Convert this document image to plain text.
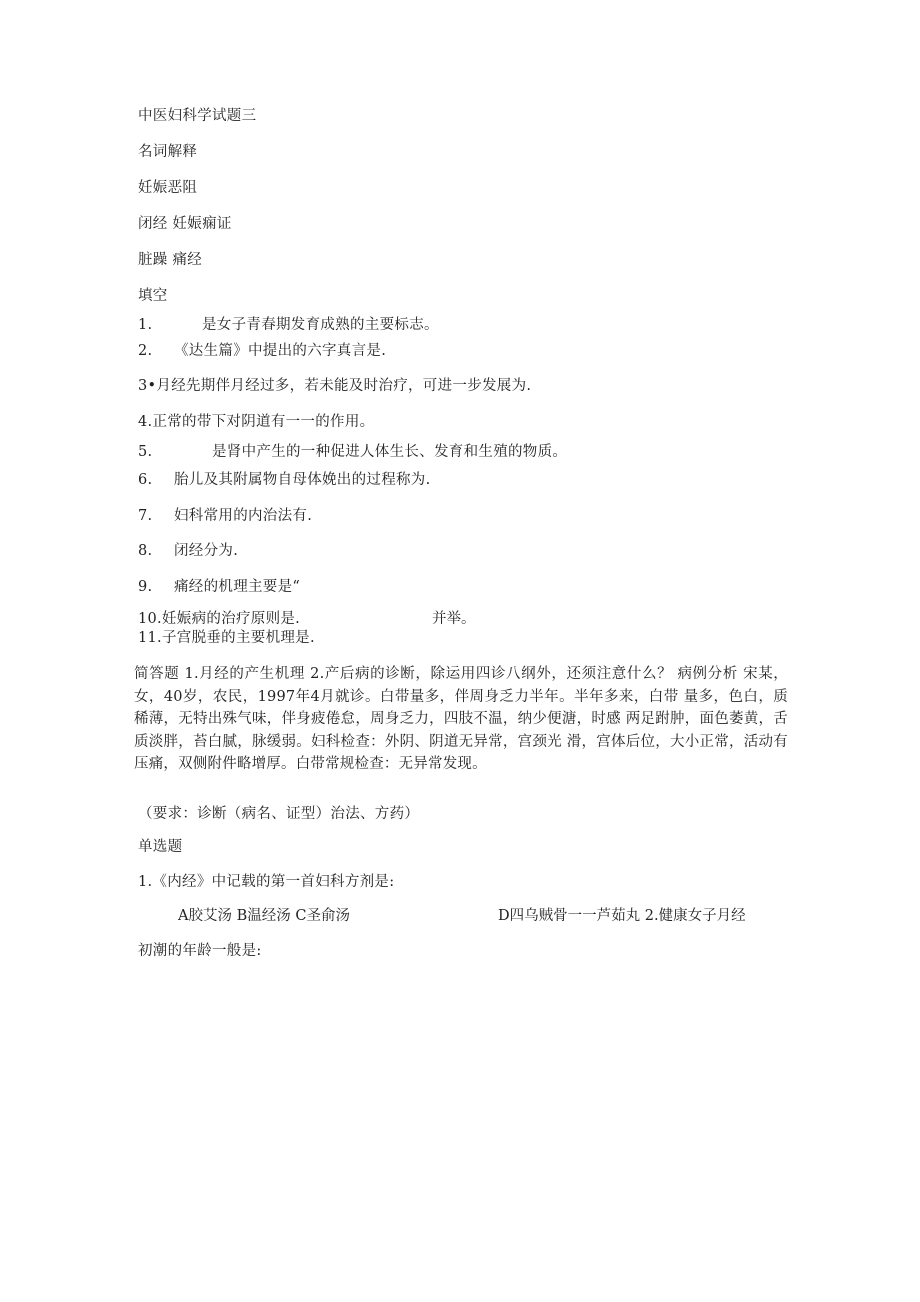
中医妇科学试题三
名词解释
妊娠恶阻
闭经 妊娠痫证
脏躁 痛经
填空
1.	是女子青春期发育成熟的主要标志。
2. 《达生篇》中提出的六字真言是.
3•月经先期伴月经过多，若未能及时治疗，可进一步发展为.
4.正常的带下对阴道有一一的作用。
5.	是肾中产生的一种促进人体生长、发育和生殖的物质。
6. 胎儿及其附属物自母体娩出的过程称为.
7. 妇科常用的内治法有.
8. 闭经分为.
9. 痛经的机理主要是“
10.妊娠病的治疗原则是.	并举。
11.子宫脱垂的主要机理是.
简答题 1.月经的产生机理 2.产后病的诊断，除运用四诊八纲外，还须注意什么？ 病例分析 宋某，女，40岁，农民，1997年4月就诊。白带量多，伴周身乏力半年。半年多来，白带 量多，色白，质稀薄，无特出殊气味，伴身疲倦怠，周身乏力，四肢不温，纳少便溏，时感 两足跗肿，面色萎黄，舌质淡胖，苔白腻，脉缓弱。妇科检查：外阴、阴道无异常，宫颈光 滑，宫体后位，大小正常，活动有压痛，双侧附件略增厚。白带常规检查：无异常发现。
（要求：诊断（病名、证型）治法、方药）
单选题
1.《内经》中记载的第一首妇科方剂是:
A胶艾汤 B温经汤 C圣俞汤	D四乌贼骨一一芦茹丸 2.健康女子月经
初潮的年龄一般是:
